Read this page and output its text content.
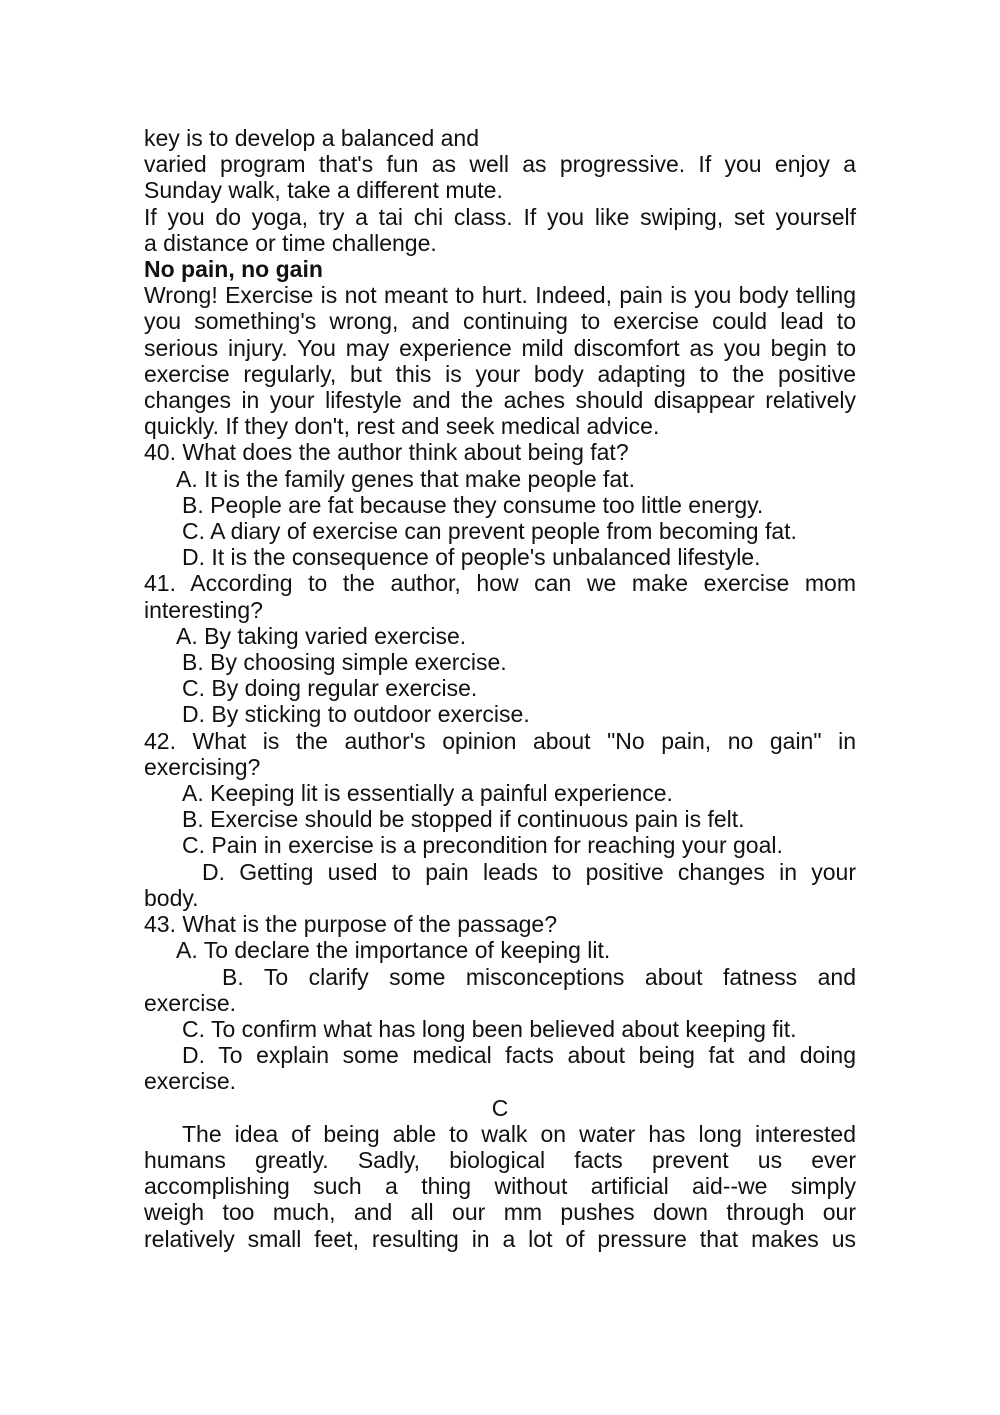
key is to develop a balanced and
varied program that's fun as well as progressive. If you enjoy a
Sunday walk, take a different mute.
If you do yoga, try a tai chi class. If you like swiping, set yourself
a distance or time challenge.
No pain, no gain
Wrong! Exercise is not meant to hurt. Indeed, pain is you body telling you something's wrong, and continuing to exercise could lead to serious injury. You may experience mild discomfort as you begin to exercise regularly, but this is your body adapting to the positive changes in your lifestyle and the aches should disappear relatively quickly. If they don't, rest and seek medical advice.
40. What does the author think about being fat?
A. It is the family genes that make people fat.
B. People are fat because they consume too little energy.
C. A diary of exercise can prevent people from becoming fat.
D. It is the consequence of people's unbalanced lifestyle.
41. According to the author, how can we make exercise mom
interesting?
A. By taking varied exercise.
B. By choosing simple exercise.
C. By doing regular exercise.
D. By sticking to outdoor exercise.
42. What is the author's opinion about "No pain, no gain" in
exercising?
A. Keeping lit is essentially a painful experience.
B. Exercise should be stopped if continuous pain is felt.
C. Pain in exercise is a precondition for reaching your goal.
D. Getting used to pain leads to positive changes in your
body.
43. What is the purpose of the passage?
A. To declare the importance of keeping lit.
B. To clarify some misconceptions about fatness and
exercise.
C. To confirm what has long been believed about keeping fit.
D. To explain some medical facts about being fat and doing
exercise.
C
The idea of being able to walk on water has long interested
humans greatly. Sadly, biological facts prevent us ever
accomplishing such a thing without artificial aid--we simply
weigh too much, and all our mm pushes down through our
relatively small feet, resulting in a lot of pressure that makes us
